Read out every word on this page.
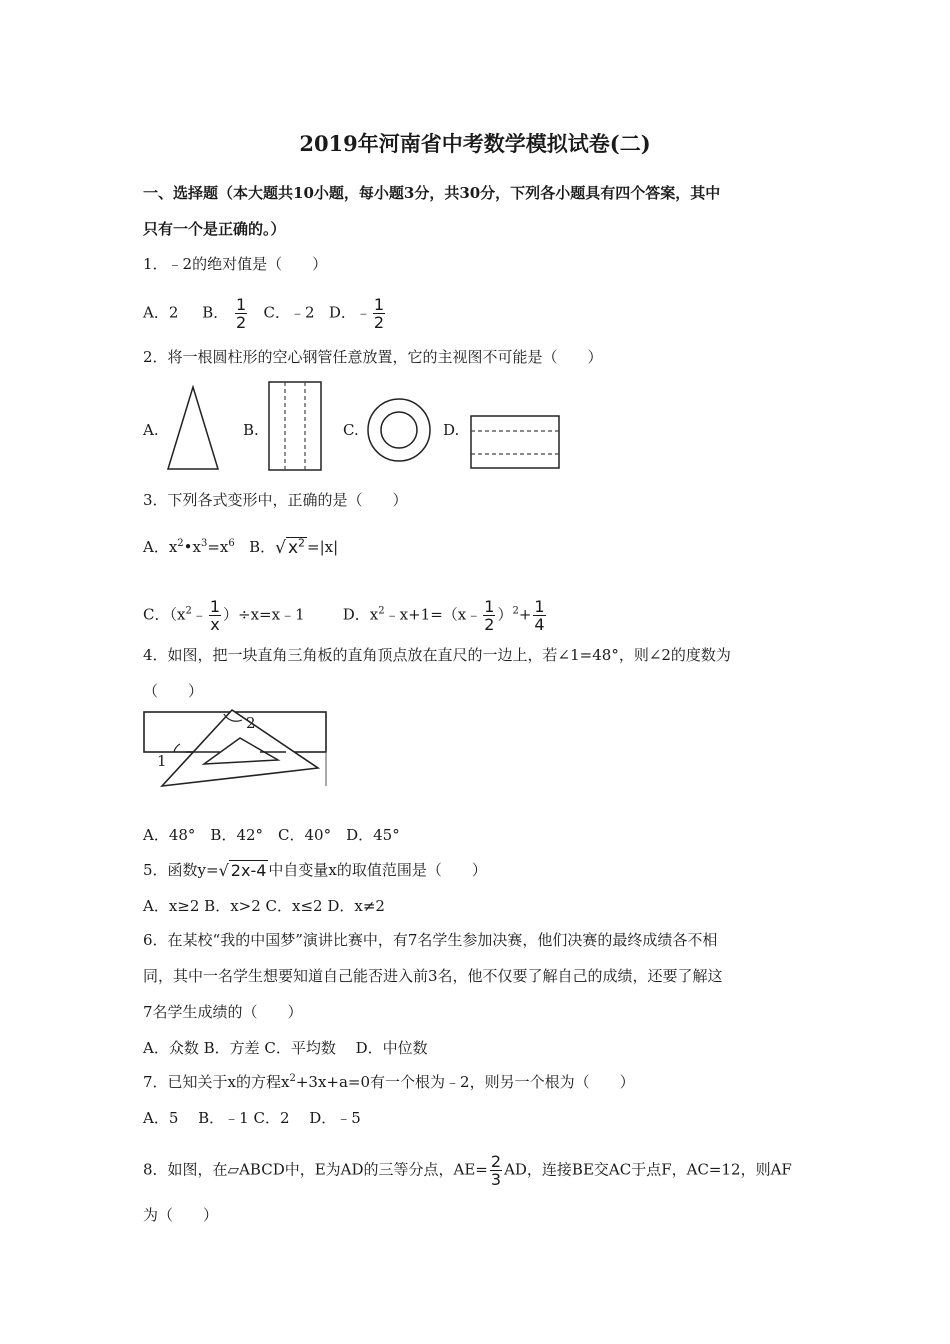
2019年河南省中考数学模拟试卷(二)
一、选择题（本大题共10小题，每小题3分，共30分，下列各小题具有四个答案，其中
只有一个是正确的。）
1．﹣2的绝对值是（　　）
A．2 B． $\frac{1}{2}$ C．﹣2 D．﹣ $\frac{1}{2}$
2．将一根圆柱形的空心钢管任意放置，它的主视图不可能是（　　）
A.	B.	C.	D.
3．下列各式变形中，正确的是（　　）
A．$x^2•x^3=x^6$ B．√ $x^2 =|x|$
C．（$x^2﹣ \frac{1}{x}$ ）÷x=x﹣1	D．$x^2﹣x+1=(x﹣ \frac{1}{2} )^2+ \frac{1}{4}$
4．如图，把一块直角三角板的直角顶点放在直尺的一边上，若∠1=48°，则∠2的度数为
（　　）
1
2
A．48°　B．42°　C．40°　D．45°
5．函数y=√ 2x-4 中自变量x的取值范围是（　　）
A．x≥2 B．x>2 C．x≤2 D．x≠2
6．在某校“我的中国梦”演讲比赛中，有7名学生参加决赛，他们决赛的最终成绩各不相
同，其中一名学生想要知道自己能否进入前3名，他不仅要了解自己的成绩，还要了解这
7名学生成绩的（　　）
A．众数 B．方差 C．平均数　 D．中位数
7．已知关于x的方程$x^2+3x+a=0$有一个根为﹣2，则另一个根为（　　）
A．5　 B．﹣1 C．2　 D．﹣5
8．如图，在▱ABCD中，E为AD的三等分点，$AE= \frac{2}{3}$ AD，连接BE交AC于点F，AC=12，则AF
为（　　）
